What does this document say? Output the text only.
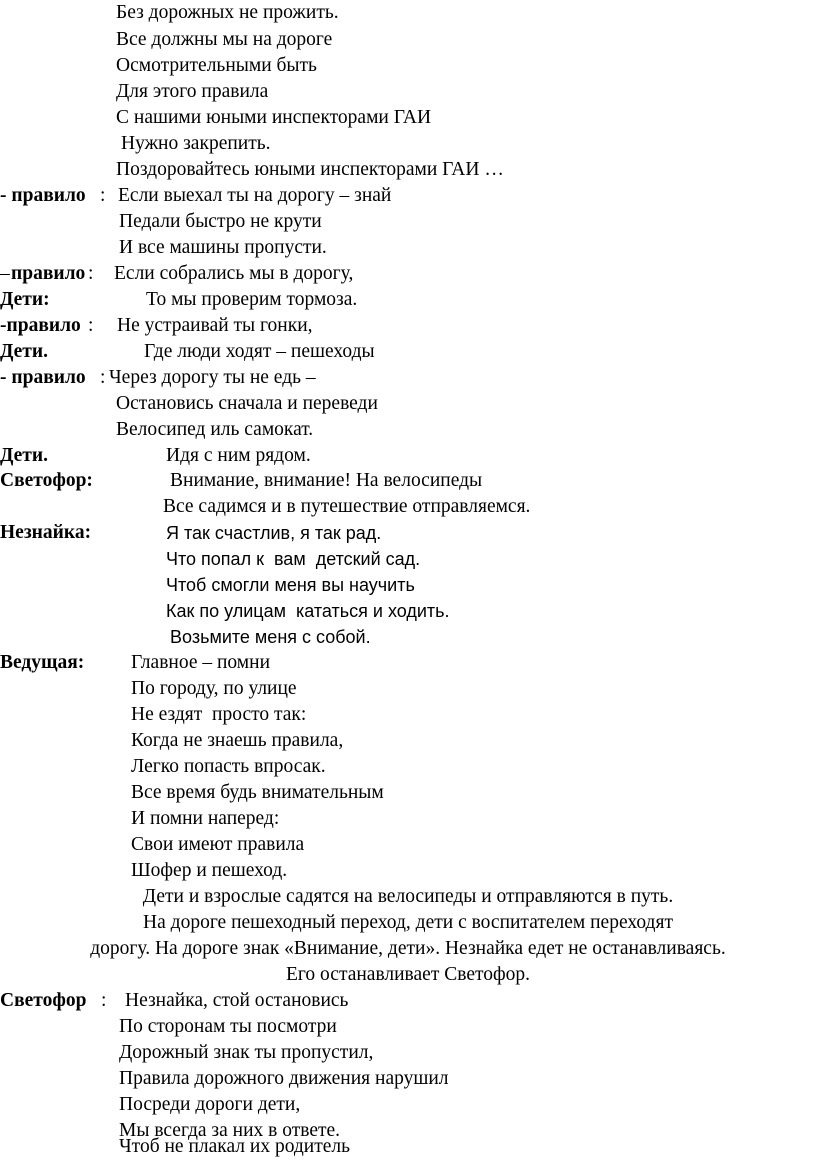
Без дорожных не прожить.
Все должны мы на дороге
Осмотрительными быть
Для этого правила
С нашими юными инспекторами ГАИ
Нужно закрепить.
Поздоровайтесь юными инспекторами ГАИ …

- правило :

Если выехал ты на дорогу – знай

Педали быстро не крути
И все машины пропусти.

– правило :

Если собрались мы в дорогу,

Дети:

	То мы проверим тормоза.

-правило :

Не устраивай ты гонки,

Дети.

	Где люди ходят – пешеходы

- правило :

Через дорогу ты не едь –

Остановись сначала и переведи
Велосипед иль самокат.

Дети.

	Идя с ним рядом.

Светофор:

	Внимание, внимание! На велосипеды

Все садимся и в путешествие отправляемся.

Незнайка:

	Я так счастлив, я так рад.

Что попал к  вам  детский сад.
Чтоб смогли меня вы научить
Как по улицам  кататься и ходить.
Возьмите меня с собой.

Ведущая:

Главное – помни

По городу, по улице
Не ездят  просто так:
Когда не знаешь правила,
Легко попасть впросак.
Все время будь внимательным
И помни наперед:
Свои имеют правила
Шофер и пешеход.
Дети и взрослые садятся на велосипеды и отправляются в путь.
На дороге пешеходный переход, дети с воспитателем переходят
дорогу. На дороге знак «Внимание, дети». Незнайка едет не останавливаясь.
Его останавливает Светофор.

Светофор :

Незнайка, стой остановись

По сторонам ты посмотри
Дорожный знак ты пропустил,
Правила дорожного движения нарушил
Посреди дороги дети,
Мы всегда за них в ответе.
Чтоб не плакал их родитель
